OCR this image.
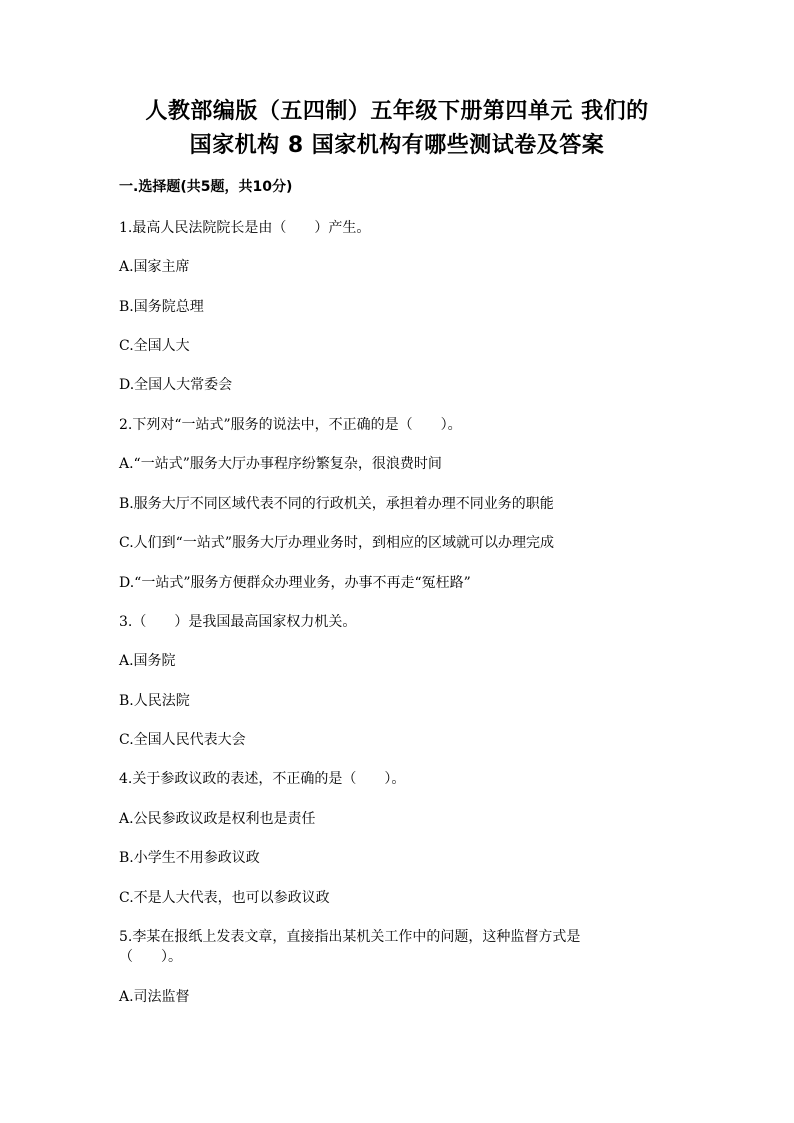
人教部编版（五四制）五年级下册第四单元 我们的
国家机构 8 国家机构有哪些测试卷及答案
一.选择题(共5题，共10分)
1.最高人民法院院长是由（　　）产生。
A.国家主席
B.国务院总理
C.全国人大
D.全国人大常委会
2.下列对“一站式”服务的说法中，不正确的是（　　）。
A.“一站式”服务大厅办事程序纷繁复杂，很浪费时间
B.服务大厅不同区域代表不同的行政机关，承担着办理不同业务的职能
C.人们到“一站式”服务大厅办理业务时，到相应的区域就可以办理完成
D.“一站式”服务方便群众办理业务，办事不再走“冤枉路”
3.（　　）是我国最高国家权力机关。
A.国务院
B.人民法院
C.全国人民代表大会
4.关于参政议政的表述，不正确的是（　　）。
A.公民参政议政是权利也是责任
B.小学生不用参政议政
C.不是人大代表，也可以参政议政
5.李某在报纸上发表文章，直接指出某机关工作中的问题，这种监督方式是
（　　）。
A.司法监督
